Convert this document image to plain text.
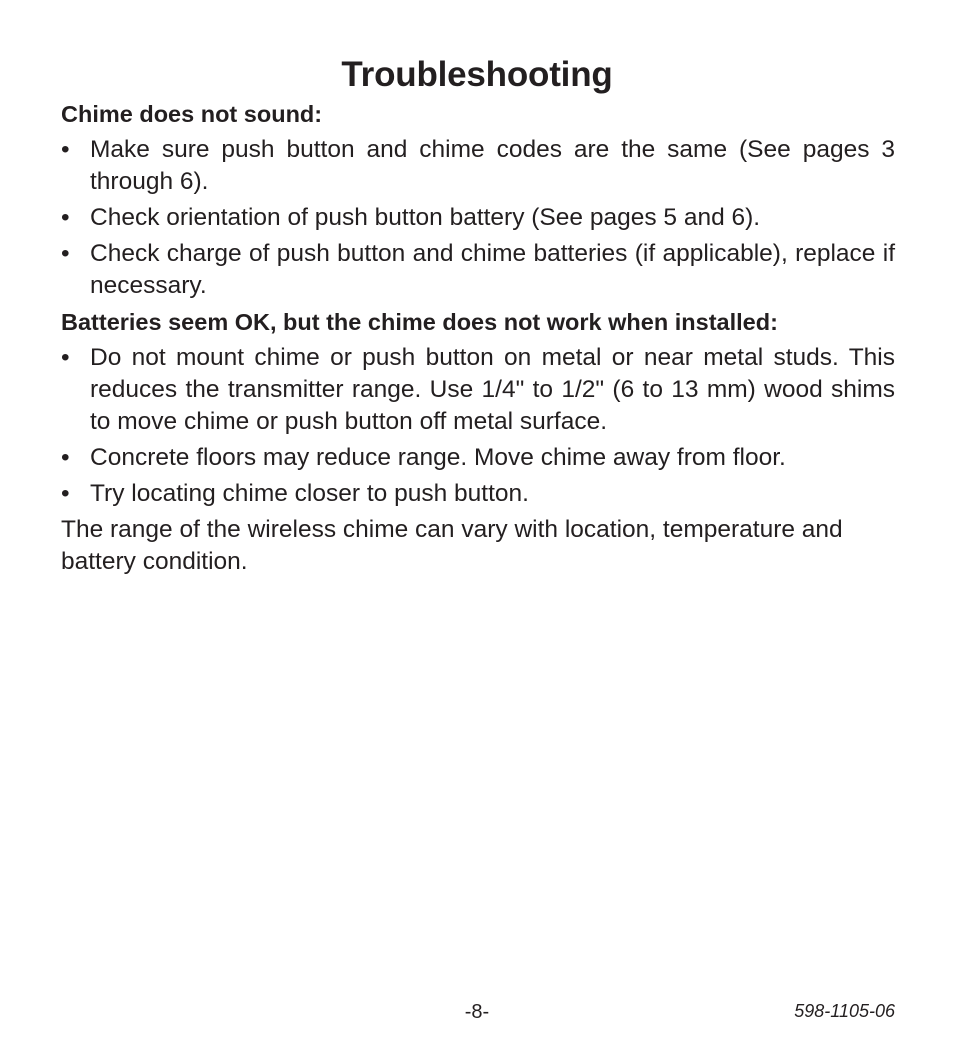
Troubleshooting

Chime does not sound:

• Make sure push button and chime codes are the same (See pages 3 through 6).
• Check orientation of push button battery (See pages 5 and 6).
• Check charge of push button and chime batteries (if applicable), replace if necessary.

Batteries seem OK, but the chime does not work when installed:

• Do not mount chime or push button on metal or near metal studs. This reduces the transmitter range. Use 1/4" to 1/2" (6 to 13 mm) wood shims to move chime or push button off metal surface.
• Concrete floors may reduce range. Move chime away from floor.
• Try locating chime closer to push button.

The range of the wireless chime can vary with location, temperature and battery condition.

-8-	598-1105-06
